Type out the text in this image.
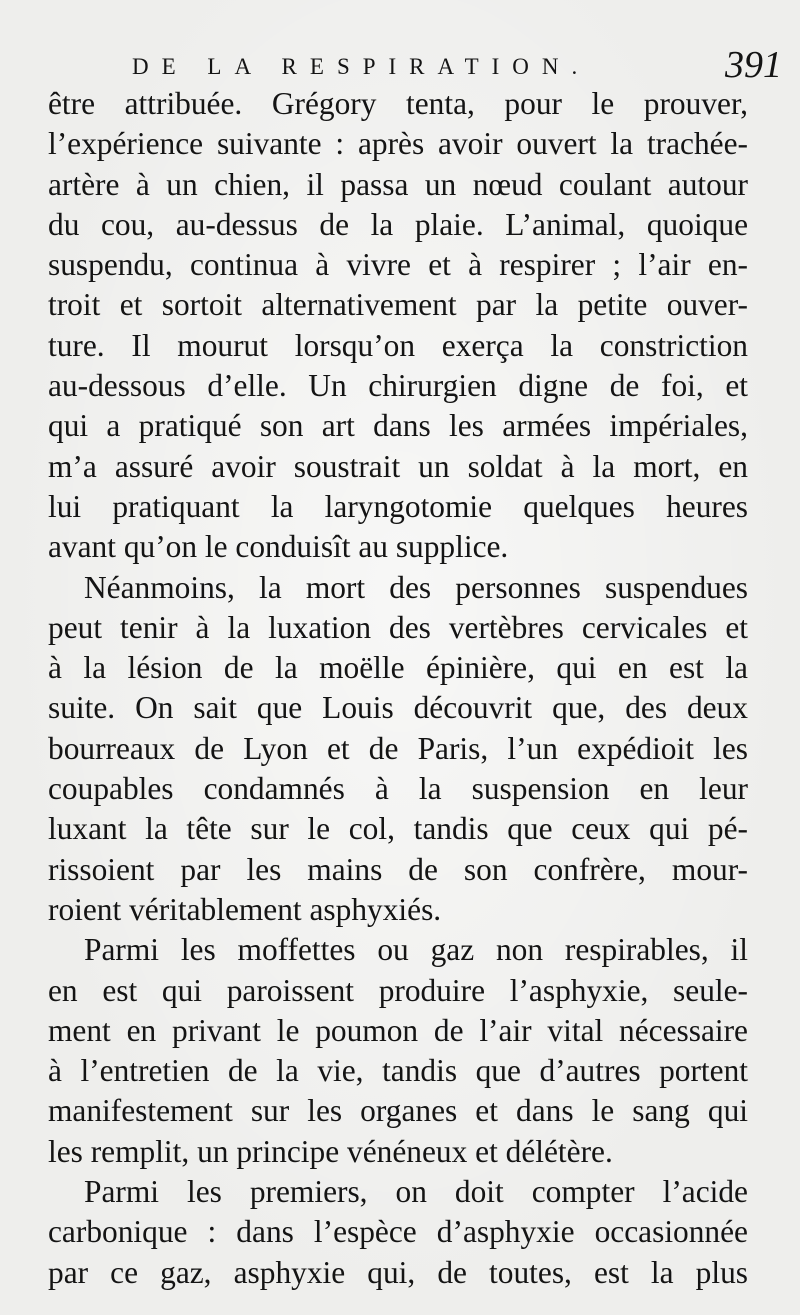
DE LA RESPIRATION.	391
être attribuée. Grégory tenta, pour le prouver,
l’expérience suivante : après avoir ouvert la trachée-
artère à un chien, il passa un nœud coulant autour
du cou, au-dessus de la plaie. L’animal, quoique
suspendu, continua à vivre et à respirer ; l’air en-
troit et sortoit alternativement par la petite ouver-
ture. Il mourut lorsqu’on exerça la constriction
au-dessous d’elle. Un chirurgien digne de foi, et
qui a pratiqué son art dans les armées impériales,
m’a assuré avoir soustrait un soldat à la mort, en
lui pratiquant la laryngotomie quelques heures
avant qu’on le conduisît au supplice.
Néanmoins, la mort des personnes suspendues
peut tenir à la luxation des vertèbres cervicales et
à la lésion de la moëlle épinière, qui en est la
suite. On sait que Louis découvrit que, des deux
bourreaux de Lyon et de Paris, l’un expédioit les
coupables condamnés à la suspension en leur
luxant la tête sur le col, tandis que ceux qui pé-
rissoient par les mains de son confrère, mour-
roient véritablement asphyxiés.
Parmi les moffettes ou gaz non respirables, il
en est qui paroissent produire l’asphyxie, seule-
ment en privant le poumon de l’air vital nécessaire
à l’entretien de la vie, tandis que d’autres portent
manifestement sur les organes et dans le sang qui
les remplit, un principe vénéneux et délétère.
Parmi les premiers, on doit compter l’acide
carbonique : dans l’espèce d’asphyxie occasionnée
par ce gaz, asphyxie qui, de toutes, est la plus
